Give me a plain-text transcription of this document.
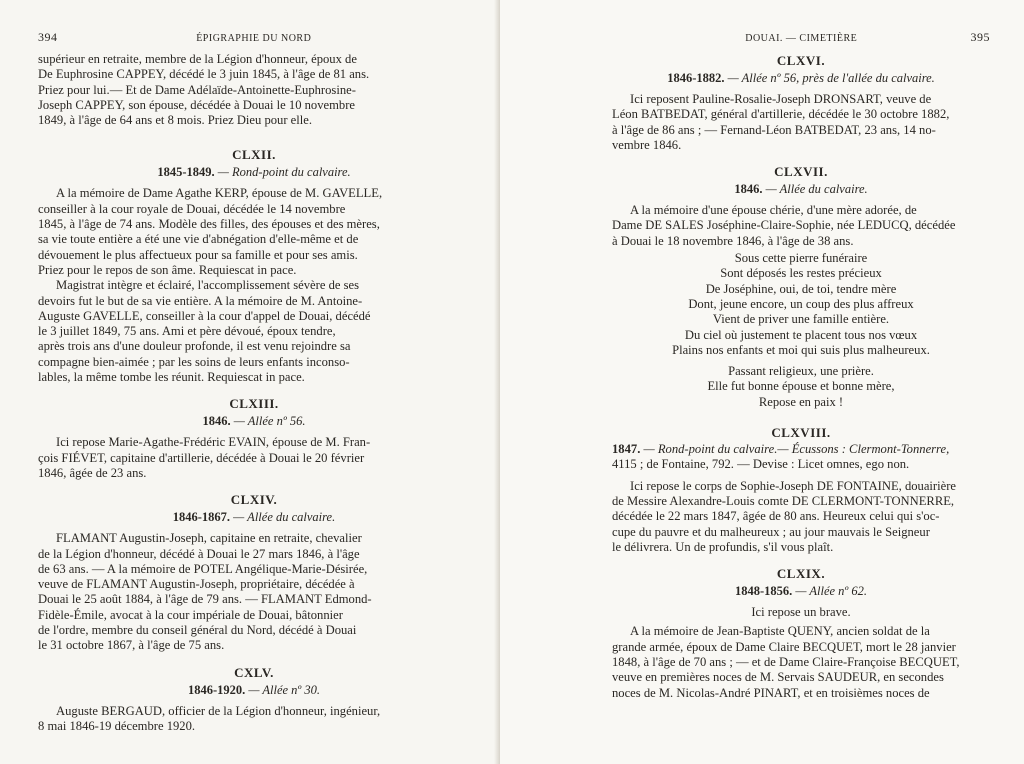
394	ÉPIGRAPHIE DU NORD

supérieur en retraite, membre de la Légion d'honneur, époux de
De Euphrosine CAPPEY, décédé le 3 juin 1845, à l'âge de 81 ans.
Priez pour lui.— Et de Dame Adélaïde-Antoinette-Euphrosine-
Joseph CAPPEY, son épouse, décédée à Douai le 10 novembre
1849, à l'âge de 64 ans et 8 mois. Priez Dieu pour elle.

CLXII.
1845-1849. — Rond-point du calvaire.

A la mémoire de Dame Agathe KERP, épouse de M. GAVELLE,
conseiller à la cour royale de Douai, décédée le 14 novembre
1845, à l'âge de 74 ans. Modèle des filles, des épouses et des mères,
sa vie toute entière a été une vie d'abnégation d'elle-même et de
dévouement le plus affectueux pour sa famille et pour ses amis.
Priez pour le repos de son âme. Requiescat in pace.

Magistrat intègre et éclairé, l'accomplissement sévère de ses
devoirs fut le but de sa vie entière. A la mémoire de M. Antoine-
Auguste GAVELLE, conseiller à la cour d'appel de Douai, décédé
le 3 juillet 1849, 75 ans. Ami et père dévoué, époux tendre,
après trois ans d'une douleur profonde, il est venu rejoindre sa
compagne bien-aimée ; par les soins de leurs enfants inconso-
lables, la même tombe les réunit. Requiescat in pace.

CLXIII.
1846. — Allée nº 56.

Ici repose Marie-Agathe-Frédéric EVAIN, épouse de M. Fran-
çois FIÉVET, capitaine d'artillerie, décédée à Douai le 20 février
1846, âgée de 23 ans.

CLXIV.
1846-1867. — Allée du calvaire.

FLAMANT Augustin-Joseph, capitaine en retraite, chevalier
de la Légion d'honneur, décédé à Douai le 27 mars 1846, à l'âge
de 63 ans. — A la mémoire de POTEL Angélique-Marie-Désirée,
veuve de FLAMANT Augustin-Joseph, propriétaire, décédée à
Douai le 25 août 1884, à l'âge de 79 ans. — FLAMANT Edmond-
Fidèle-Émile, avocat à la cour impériale de Douai, bâtonnier
de l'ordre, membre du conseil général du Nord, décédé à Douai
le 31 octobre 1867, à l'âge de 75 ans.

CXLV.
1846-1920. — Allée nº 30.

Auguste BERGAUD, officier de la Légion d'honneur, ingénieur,
8 mai 1846-19 décembre 1920.

DOUAI. — CIMETIÈRE	395
CLXVI.
1846-1882. — Allée nº 56, près de l'allée du calvaire.

Ici reposent Pauline-Rosalie-Joseph DRONSART, veuve de
Léon BATBEDAT, général d'artillerie, décédée le 30 octobre 1882,
à l'âge de 86 ans ; — Fernand-Léon BATBEDAT, 23 ans, 14 no-
vembre 1846.

CLXVII.
1846. — Allée du calvaire.

A la mémoire d'une épouse chérie, d'une mère adorée, de
Dame DE SALES Joséphine-Claire-Sophie, née LEDUCQ, décédée
à Douai le 18 novembre 1846, à l'âge de 38 ans.

Sous cette pierre funéraire
Sont déposés les restes précieux
De Joséphine, oui, de toi, tendre mère
Dont, jeune encore, un coup des plus affreux
Vient de priver une famille entière.
Du ciel où justement te placent tous nos vœux
Plains nos enfants et moi qui suis plus malheureux.
Passant religieux, une prière.
Elle fut bonne épouse et bonne mère,
Repose en paix !
CLXVIII.

1847. — Rond-point du calvaire.— Écussons : Clermont-Tonnerre,
4115 ; de Fontaine, 792. — Devise : Licet omnes, ego non.

Ici repose le corps de Sophie-Joseph DE FONTAINE, douairière
de Messire Alexandre-Louis comte DE CLERMONT-TONNERRE,
décédée le 22 mars 1847, âgée de 80 ans. Heureux celui qui s'oc-
cupe du pauvre et du malheureux ; au jour mauvais le Seigneur
le délivrera. Un de profundis, s'il vous plaît.

CLXIX.
1848-1856. — Allée nº 62.
Ici repose un brave.

A la mémoire de Jean-Baptiste QUENY, ancien soldat de la
grande armée, époux de Dame Claire BECQUET, mort le 28 janvier
1848, à l'âge de 70 ans ; — et de Dame Claire-Françoise BECQUET,
veuve en premières noces de M. Servais SAUDEUR, en secondes
noces de M. Nicolas-André PINART, et en troisièmes noces de
